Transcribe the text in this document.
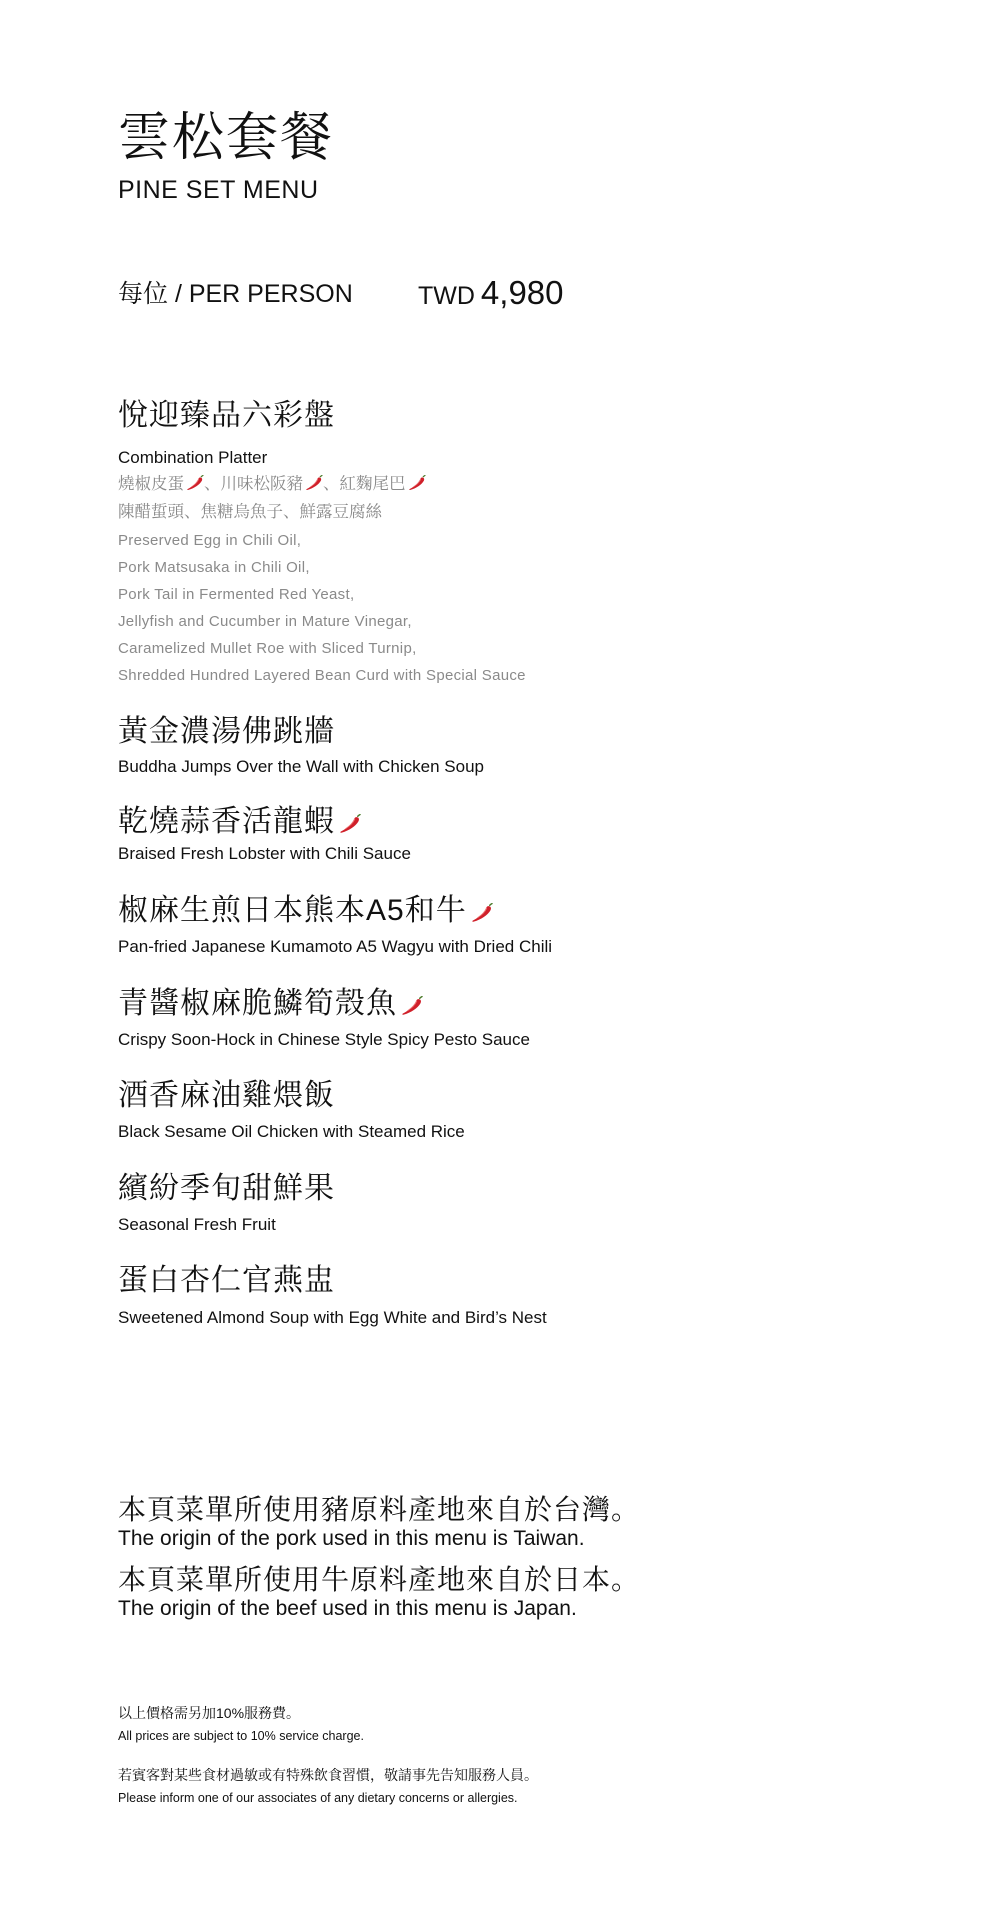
雲松套餐
PINE SET MENU
每位 / PER PERSON	TWD 4,980
悅迎臻品六彩盤
Combination Platter
燒椒皮蛋 、川味松阪豬 、紅麴尾巴
陳醋蜇頭、焦糖烏魚子、鮮露豆腐絲
Preserved Egg in Chili Oil,
Pork Matsusaka in Chili Oil,
Pork Tail in Fermented Red Yeast,
Jellyfish and Cucumber in Mature Vinegar,
Caramelized Mullet Roe with Sliced Turnip,
Shredded Hundred Layered Bean Curd with Special Sauce
黃金濃湯佛跳牆
Buddha Jumps Over the Wall with Chicken Soup
乾燒蒜香活龍蝦
Braised Fresh Lobster with Chili Sauce
椒麻生煎日本熊本A5和牛
Pan-fried Japanese Kumamoto A5 Wagyu with Dried Chili
青醬椒麻脆鱗筍殼魚
Crispy Soon-Hock in Chinese Style Spicy Pesto Sauce
酒香麻油雞煨飯
Black Sesame Oil Chicken with Steamed Rice
繽紛季旬甜鮮果
Seasonal Fresh Fruit
蛋白杏仁官燕盅
Sweetened Almond Soup with Egg White and Bird’s Nest
本頁菜單所使用豬原料產地來自於台灣。
The origin of the pork used in this menu is Taiwan.
本頁菜單所使用牛原料產地來自於日本。
The origin of the beef used in this menu is Japan.
以上價格需另加10%服務費。
All prices are subject to 10% service charge.
若賓客對某些食材過敏或有特殊飲食習慣，敬請事先告知服務人員。
Please inform one of our associates of any dietary concerns or allergies.
